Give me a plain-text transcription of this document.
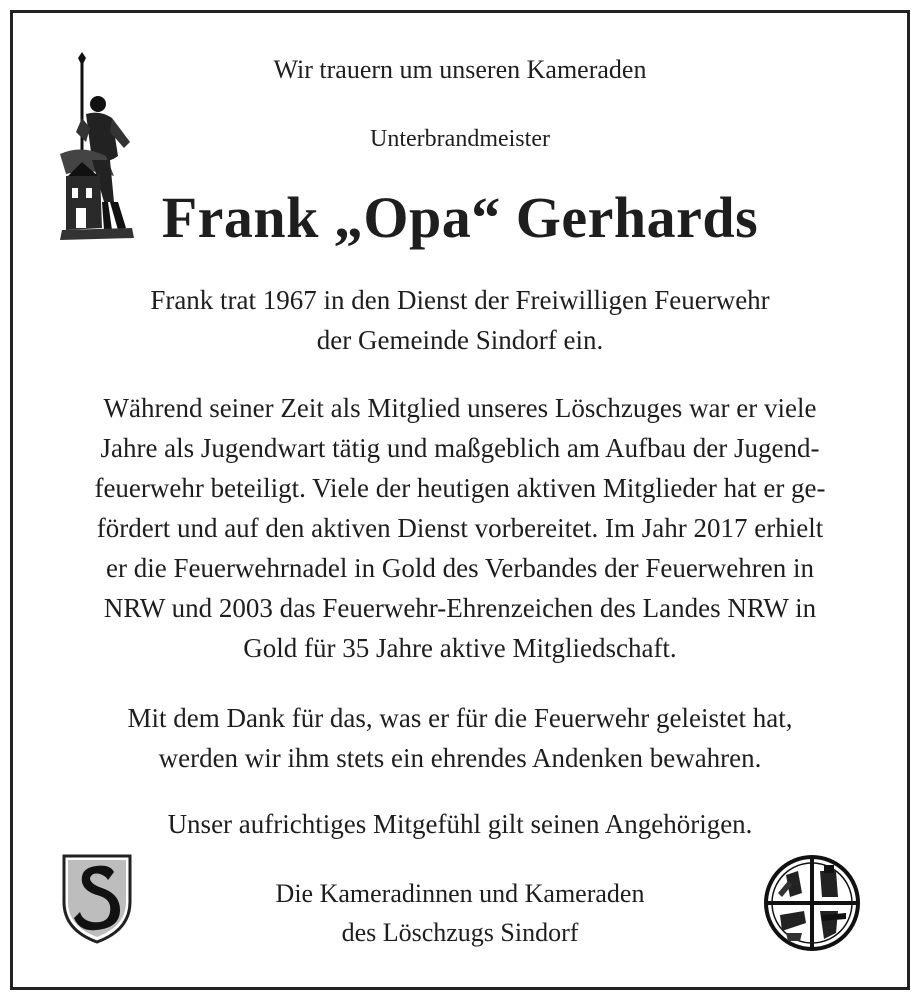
Wir trauern um unseren Kameraden
Unterbrandmeister
Frank „Opa“ Gerhards
Frank trat 1967 in den Dienst der Freiwilligen Feuerwehr
der Gemeinde Sindorf ein.
Während seiner Zeit als Mitglied unseres Löschzuges war er viele
Jahre als Jugendwart tätig und maßgeblich am Aufbau der Jugend-
feuerwehr beteiligt. Viele der heutigen aktiven Mitglieder hat er ge-
fördert und auf den aktiven Dienst vorbereitet. Im Jahr 2017 erhielt
er die Feuerwehrnadel in Gold des Verbandes der Feuerwehren in
NRW und 2003 das Feuerwehr-Ehrenzeichen des Landes NRW in
Gold für 35 Jahre aktive Mitgliedschaft.
Mit dem Dank für das, was er für die Feuerwehr geleistet hat,
werden wir ihm stets ein ehrendes Andenken bewahren.
Unser aufrichtiges Mitgefühl gilt seinen Angehörigen.
Die Kameradinnen und Kameraden
des Löschzugs Sindorf
